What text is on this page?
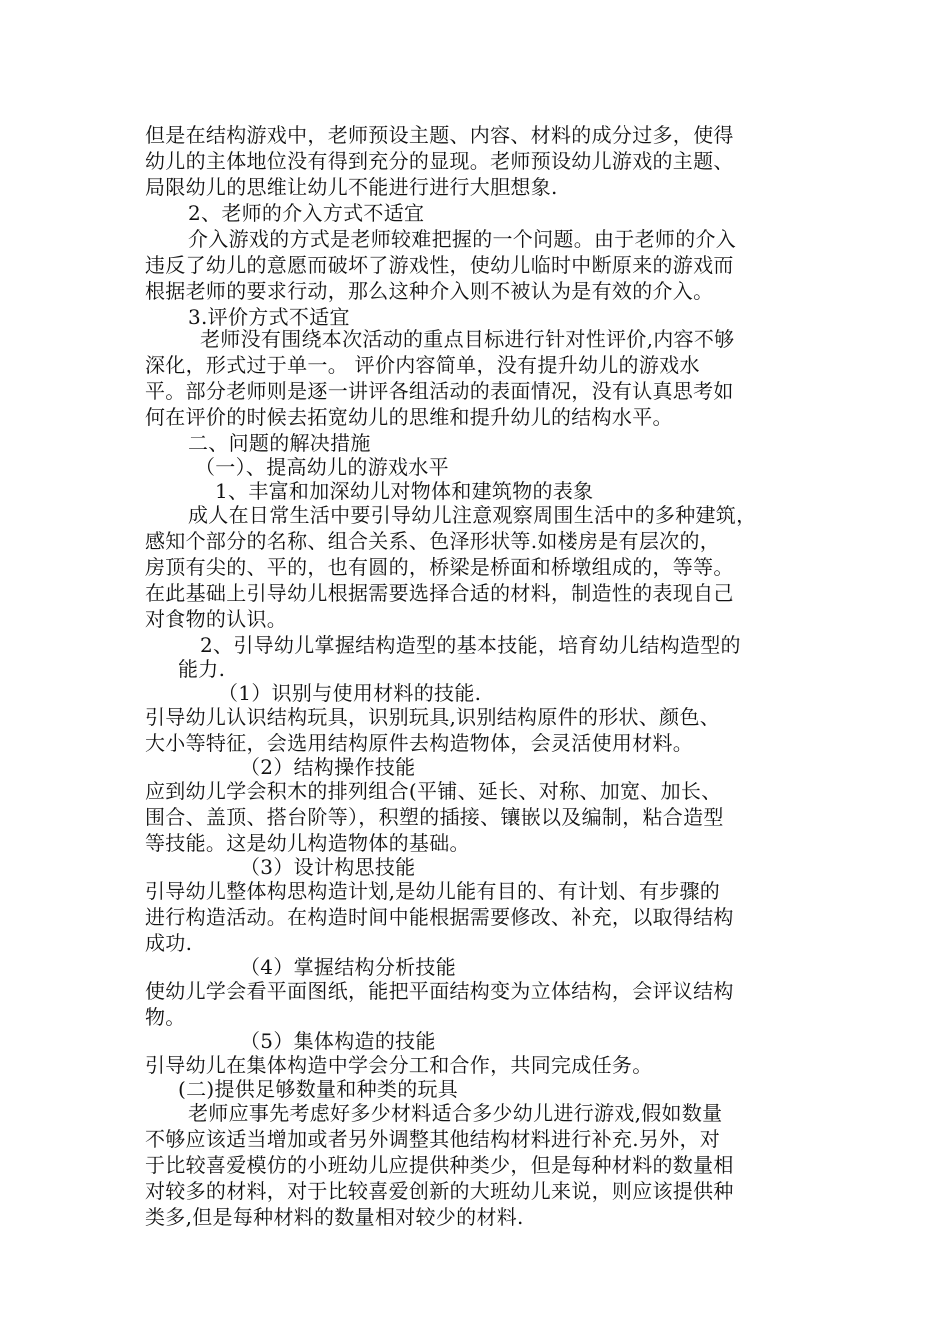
但是在结构游戏中，老师预设主题、内容、材料的成分过多，使得
幼儿的主体地位没有得到充分的显现。老师预设幼儿游戏的主题、
局限幼儿的思维让幼儿不能进行进行大胆想象.
2、老师的介入方式不适宜
介入游戏的方式是老师较难把握的一个问题。由于老师的介入
违反了幼儿的意愿而破坏了游戏性，使幼儿临时中断原来的游戏而
根据老师的要求行动，那么这种介入则不被认为是有效的介入。
3.评价方式不适宜
老师没有围绕本次活动的重点目标进行针对性评价,内容不够
深化，形式过于单一。 评价内容简单，没有提升幼儿的游戏水
平。部分老师则是逐一讲评各组活动的表面情况，没有认真思考如
何在评价的时候去拓宽幼儿的思维和提升幼儿的结构水平。
二、问题的解决措施
（一）、提高幼儿的游戏水平
1、丰富和加深幼儿对物体和建筑物的表象
成人在日常生活中要引导幼儿注意观察周围生活中的多种建筑，
感知个部分的名称、组合关系、色泽形状等.如楼房是有层次的，
房顶有尖的、平的，也有圆的，桥梁是桥面和桥墩组成的，等等。
在此基础上引导幼儿根据需要选择合适的材料，制造性的表现自己
对食物的认识。
2、引导幼儿掌握结构造型的基本技能，培育幼儿结构造型的
能力.
（1）识别与使用材料的技能.
引导幼儿认识结构玩具，识别玩具,识别结构原件的形状、颜色、
大小等特征，会选用结构原件去构造物体，会灵活使用材料。
（2）结构操作技能
应到幼儿学会积木的排列组合(平铺、延长、对称、加宽、加长、
围合、盖顶、搭台阶等），积塑的插接、镶嵌以及编制，粘合造型
等技能。这是幼儿构造物体的基础。
（3）设计构思技能
引导幼儿整体构思构造计划,是幼儿能有目的、有计划、有步骤的
进行构造活动。在构造时间中能根据需要修改、补充，以取得结构
成功.
（4）掌握结构分析技能
使幼儿学会看平面图纸，能把平面结构变为立体结构，会评议结构
物。
（5）集体构造的技能
引导幼儿在集体构造中学会分工和合作，共同完成任务。
(二)提供足够数量和种类的玩具
老师应事先考虑好多少材料适合多少幼儿进行游戏,假如数量
不够应该适当增加或者另外调整其他结构材料进行补充.另外，对
于比较喜爱模仿的小班幼儿应提供种类少，但是每种材料的数量相
对较多的材料，对于比较喜爱创新的大班幼儿来说，则应该提供种
类多,但是每种材料的数量相对较少的材料.
